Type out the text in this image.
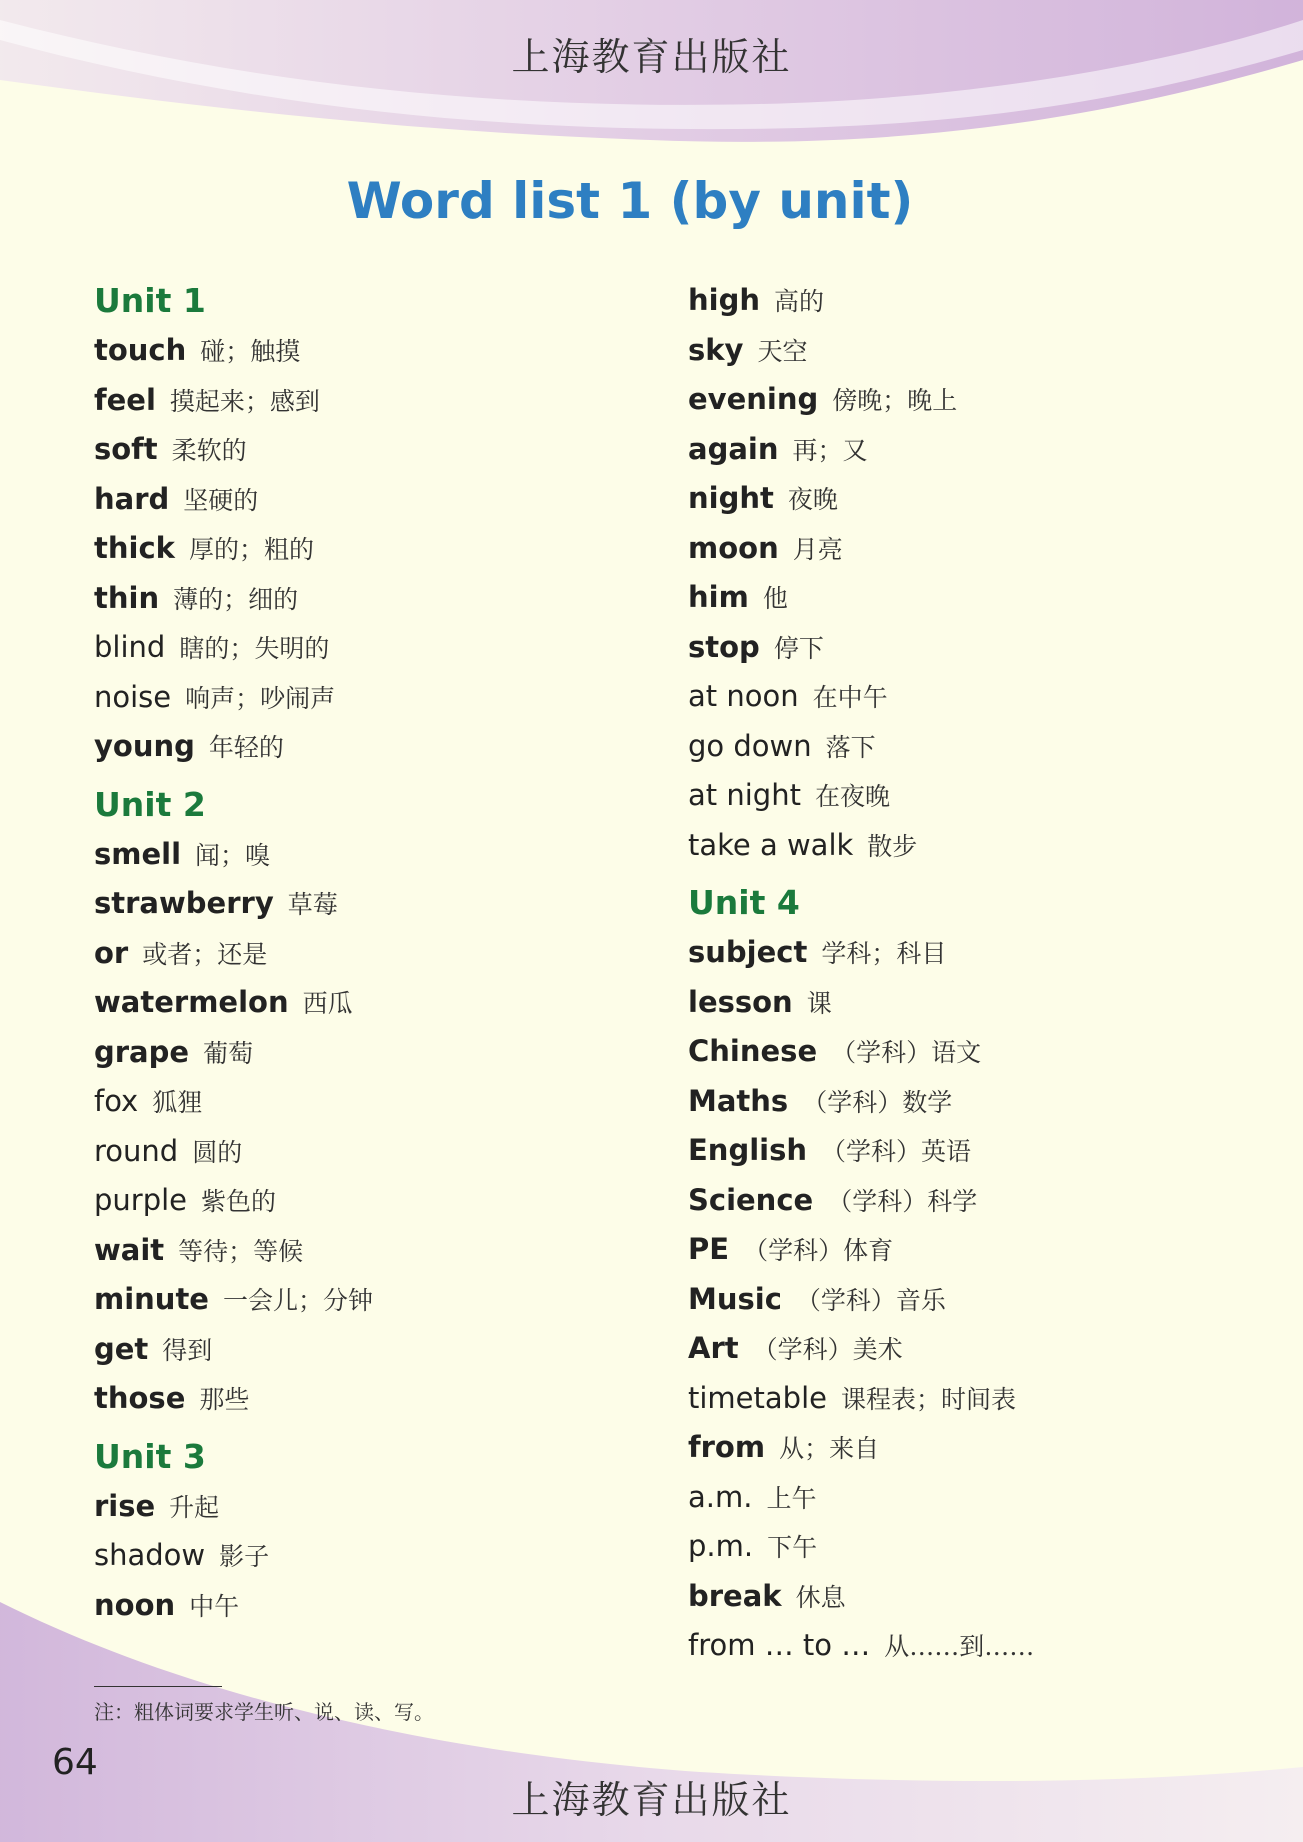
上海教育出版社
Word list 1 (by unit)
Unit 1
touch 碰；触摸
feel 摸起来；感到
soft 柔软的
hard 坚硬的
thick 厚的；粗的
thin 薄的；细的
blind 瞎的；失明的
noise 响声；吵闹声
young 年轻的
Unit 2
smell 闻；嗅
strawberry 草莓
or 或者；还是
watermelon 西瓜
grape 葡萄
fox 狐狸
round 圆的
purple 紫色的
wait 等待；等候
minute 一会儿；分钟
get 得到
those 那些
Unit 3
rise 升起
shadow 影子
noon 中午
high 高的
sky 天空
evening 傍晚；晚上
again 再；又
night 夜晚
moon 月亮
him 他
stop 停下
at noon 在中午
go down 落下
at night 在夜晚
take a walk 散步
Unit 4
subject 学科；科目
lesson 课
Chinese （学科）语文
Maths （学科）数学
English （学科）英语
Science （学科）科学
PE （学科）体育
Music （学科）音乐
Art （学科）美术
timetable 课程表；时间表
from 从；来自
a.m. 上午
p.m. 下午
break 休息
from … to … 从……到……
注：粗体词要求学生听、说、读、写。
64
上海教育出版社
